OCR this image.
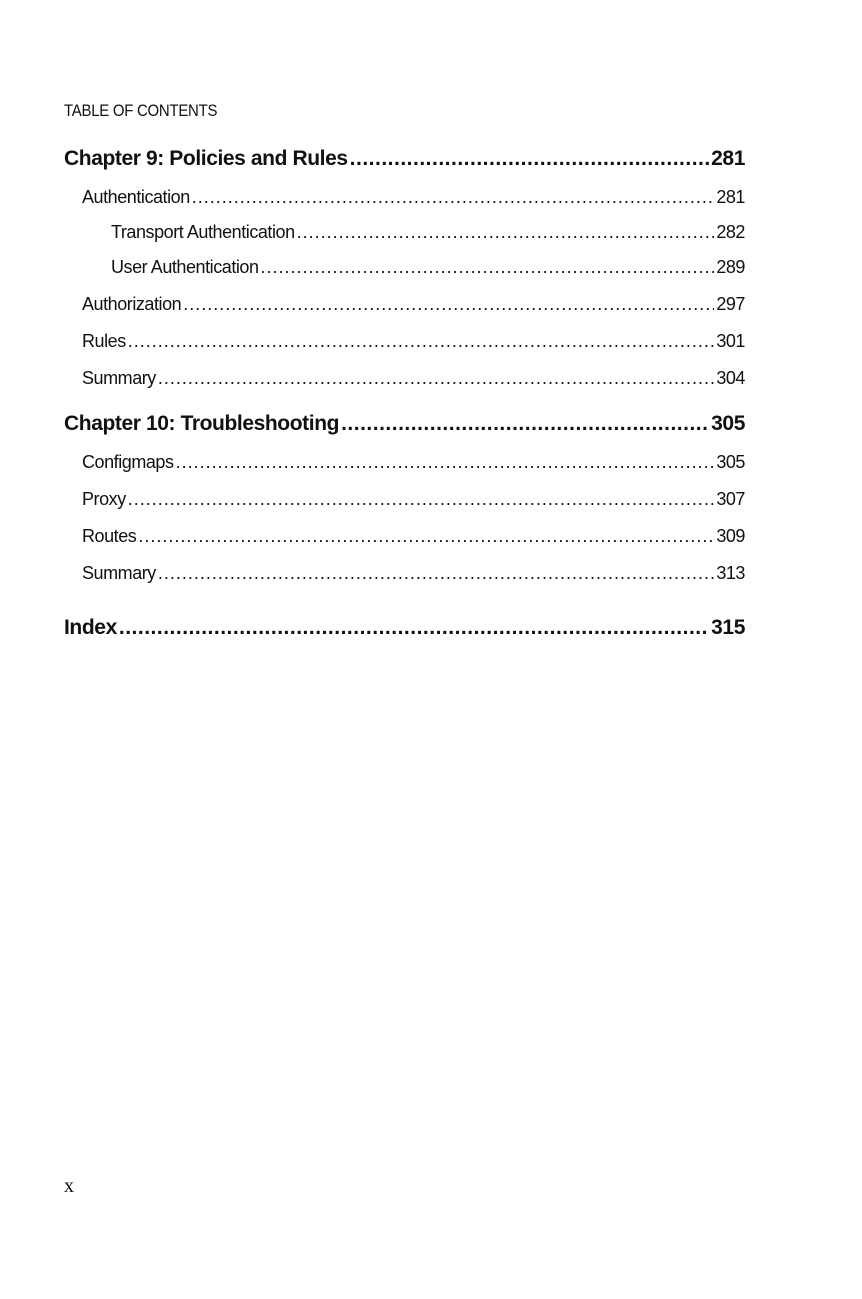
TABLE OF CONTENTS
Chapter 9: Policies and Rules .....	281
Authentication .....	281
Transport Authentication .....	282
User Authentication .....	289
Authorization .....	297
Rules .....	301
Summary .....	304
Chapter 10: Troubleshooting .....	305
Configmaps .....	305
Proxy .....	307
Routes .....	309
Summary .....	313
Index .....	315
x
